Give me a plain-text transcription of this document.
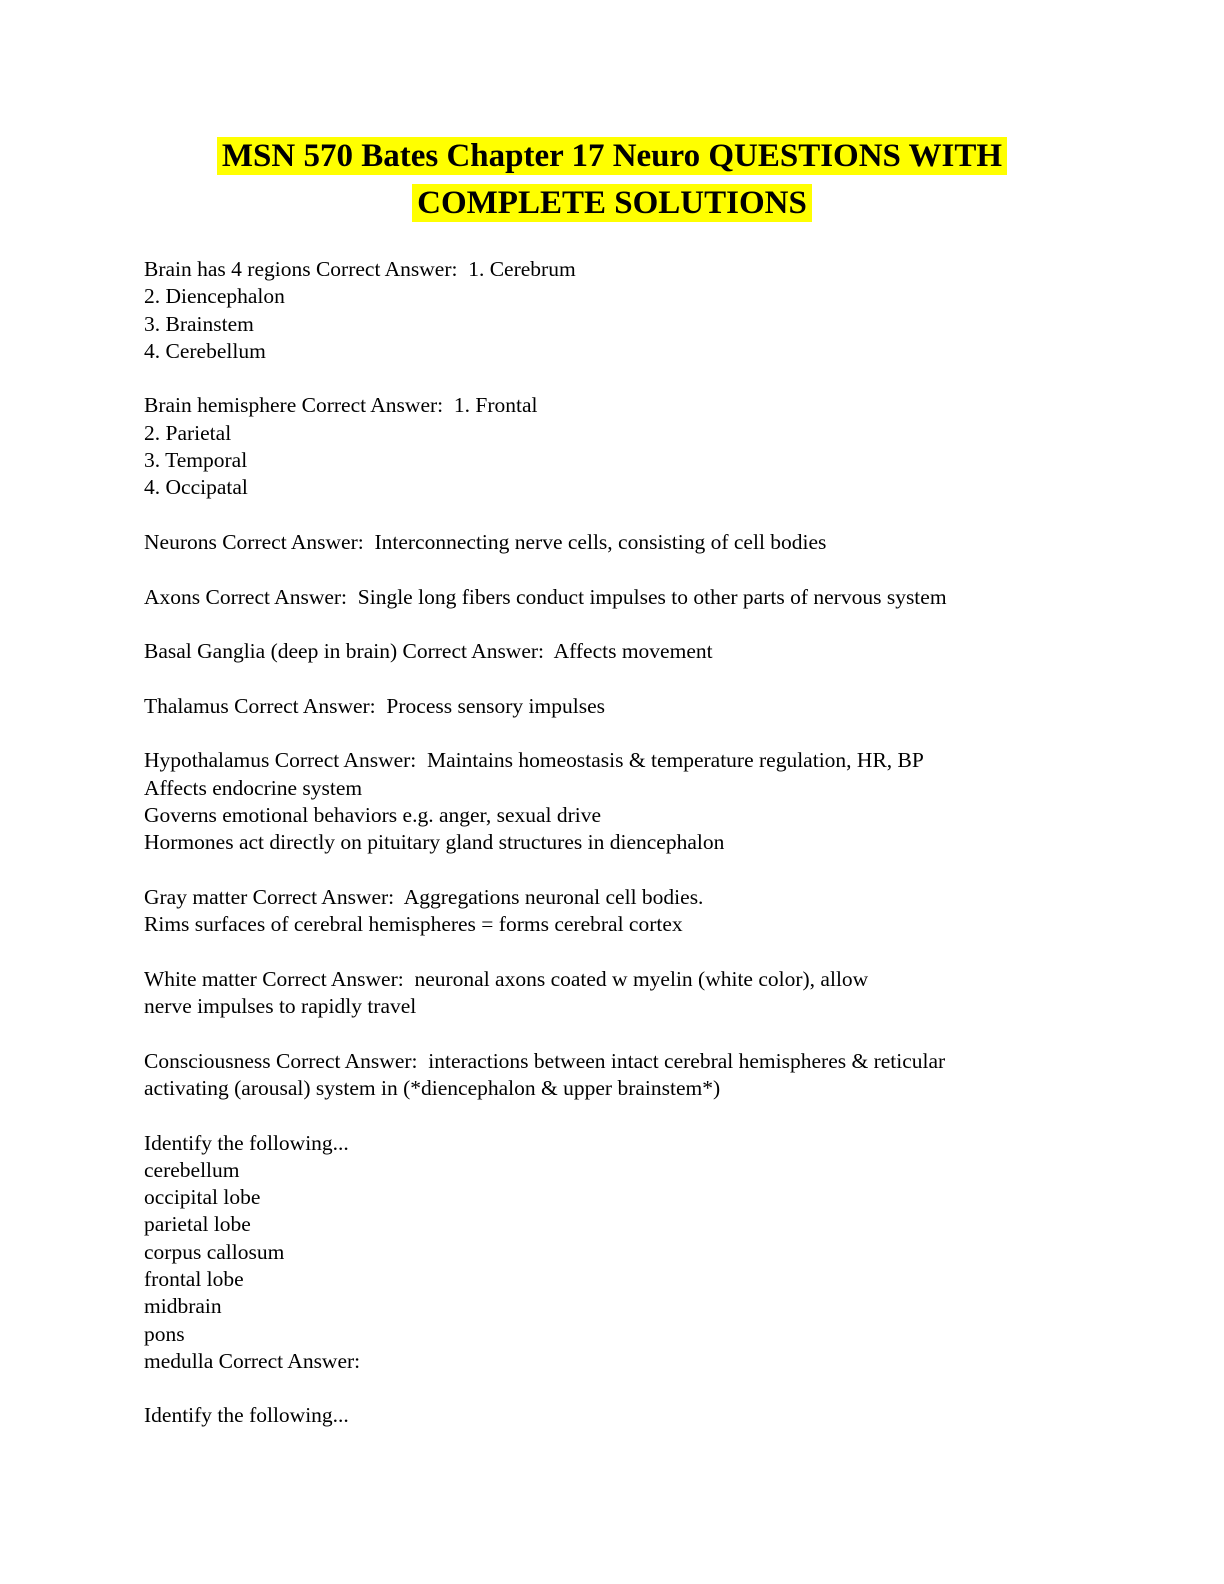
MSN 570 Bates Chapter 17 Neuro QUESTIONS WITH
COMPLETE SOLUTIONS

Brain has 4 regions Correct Answer:  1. Cerebrum
2. Diencephalon
3. Brainstem
4. Cerebellum

Brain hemisphere Correct Answer:  1. Frontal
2. Parietal
3. Temporal
4. Occipatal

Neurons Correct Answer:  Interconnecting nerve cells, consisting of cell bodies

Axons Correct Answer:  Single long fibers conduct impulses to other parts of nervous system

Basal Ganglia (deep in brain) Correct Answer:  Affects movement

Thalamus Correct Answer:  Process sensory impulses

Hypothalamus Correct Answer:  Maintains homeostasis & temperature regulation, HR, BP
Affects endocrine system
Governs emotional behaviors e.g. anger, sexual drive
Hormones act directly on pituitary gland structures in diencephalon

Gray matter Correct Answer:  Aggregations neuronal cell bodies.
Rims surfaces of cerebral hemispheres = forms cerebral cortex

White matter Correct Answer:  neuronal axons coated w myelin (white color), allow
nerve impulses to rapidly travel

Consciousness Correct Answer:  interactions between intact cerebral hemispheres & reticular
activating (arousal) system in (*diencephalon & upper brainstem*)

Identify the following...
cerebellum
occipital lobe
parietal lobe
corpus callosum
frontal lobe
midbrain
pons
medulla Correct Answer:

Identify the following...
